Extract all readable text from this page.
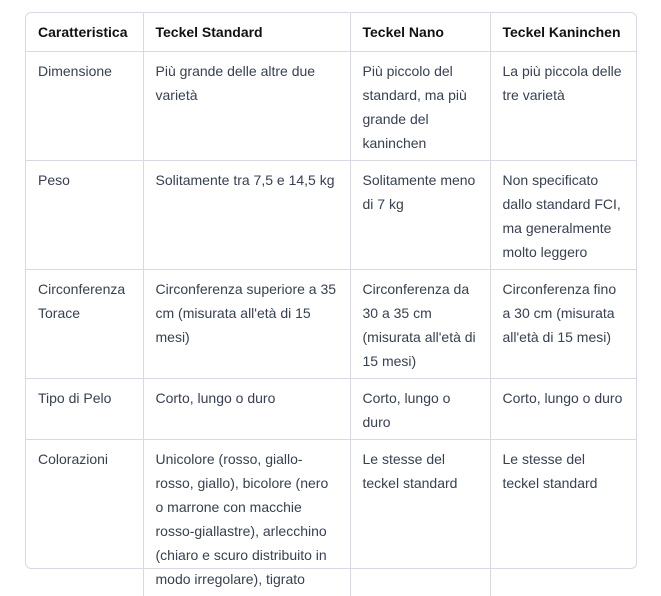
Caratteristica	Teckel Standard	Teckel Nano	Teckel Kaninchen
Dimensione	Più grande delle altre due varietà	Più piccolo del standard, ma più grande del kaninchen	La più piccola delle tre varietà
Peso	Solitamente tra 7,5 e 14,5 kg	Solitamente meno di 7 kg	Non specificato dallo standard FCI, ma generalmente molto leggero
Circonferenza Torace	Circonferenza superiore a 35 cm (misurata all'età di 15 mesi)	Circonferenza da 30 a 35 cm (misurata all'età di 15 mesi)	Circonferenza fino a 30 cm (misurata all'età di 15 mesi)
Tipo di Pelo	Corto, lungo o duro	Corto, lungo o duro	Corto, lungo o duro
Colorazioni	Unicolore (rosso, giallo-rosso, giallo), bicolore (nero o marrone con macchie rosso-giallastre), arlecchino (chiaro e scuro distribuito in modo irregolare), tigrato	Le stesse del teckel standard	Le stesse del teckel standard
